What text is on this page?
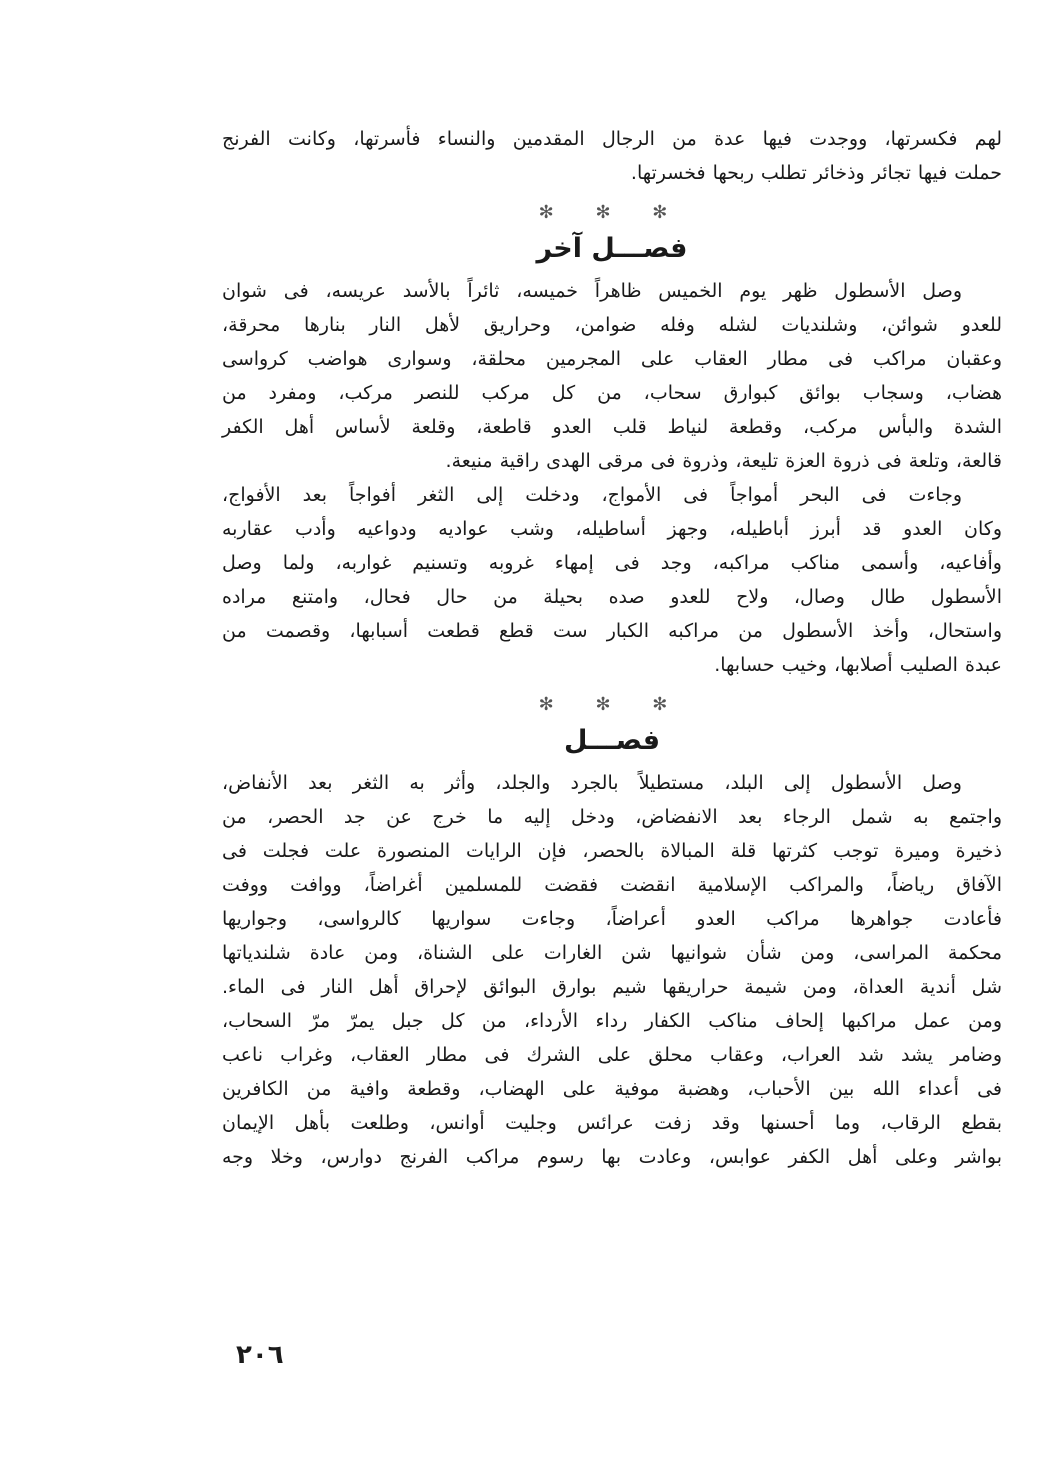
لهم فكسرتها، ووجدت فيها عدة من الرجال المقدمين والنساء فأسرتها، وكانت الفرنج
حملت فيها تجائر وذخائر تطلب ربحها فخسرتها.
✻ ✻ ✻
فصـــل آخر
وصل الأسطول ظهر يوم الخميس ظاهراً خميسه، ثائراً بالأسد عريسه، فى شوان
للعدو شوائن، وشلنديات لشله وفله ضوامن، وحراريق لأهل النار بنارها محرقة،
وعقبان مراكب فى مطار العقاب على المجرمين محلقة، وسوارى هواضب كرواسى
هضاب، وسجاب بوائق كبوارق سحاب، من كل مركب للنصر مركب، ومفرد من
الشدة والبأس مركب، وقطعة لنياط قلب العدو قاطعة، وقلعة لأساس أهل الكفر
قالعة، وتلعة فى ذروة العزة تليعة، وذروة فى مرقى الهدى راقية منيعة.
وجاءت فى البحر أمواجاً فى الأمواج، ودخلت إلى الثغر أفواجاً بعد الأفواج،
وكان العدو قد أبرز أباطيله، وجهز أساطيله، وشب عواديه ودواعيه وأدب عقاربه
وأفاعيه، وأسمى مناكب مراكبه، وجد فى إمهاء غروبه وتسنيم غواربه، ولما وصل
الأسطول طال وصال، ولاح للعدو صده بحيلة من حال فحال، وامتنع مراده
واستحال، وأخذ الأسطول من مراكبه الكبار ست قطع قطعت أسبابها، وقصمت من
عبدة الصليب أصلابها، وخيب حسابها.
✻ ✻ ✻
فصـــل
وصل الأسطول إلى البلد، مستطيلاً بالجرد والجلد، وأثر به الثغر بعد الأنفاض،
واجتمع به شمل الرجاء بعد الانفضاض، ودخل إليه ما خرج عن جد الحصر، من
ذخيرة وميرة توجب كثرتها قلة المبالاة بالحصر، فإن الرايات المنصورة علت فجلت فى
الآفاق رياضاً، والمراكب الإسلامية انقضت فقضت للمسلمين أغراضاً، ووافت ووفت
فأعادت جواهرها مراكب العدو أعراضاً، وجاءت سواريها كالرواسى، وجواريها
محكمة المراسى، ومن شأن شوانيها شن الغارات على الشناة، ومن عادة شلندياتها
شل أندية العداة، ومن شيمة حراريقها شيم بوارق البوائق لإحراق أهل النار فى الماء.
ومن عمل مراكبها إلحاف مناكب الكفار رداء الأرداء، من كل جبل يمرّ مرّ السحاب،
وضامر يشد شد العراب، وعقاب محلق على الشرك فى مطار العقاب، وغراب ناعب
فى أعداء الله بين الأحباب، وهضبة موفية على الهضاب، وقطعة وافية من الكافرين
بقطع الرقاب، وما أحسنها وقد زفت عرائس وجليت أوانس، وطلعت بأهل الإيمان
بواشر وعلى أهل الكفر عوابس، وعادت بها رسوم مراكب الفرنج دوارس، وخلا وجه
٢٠٦
